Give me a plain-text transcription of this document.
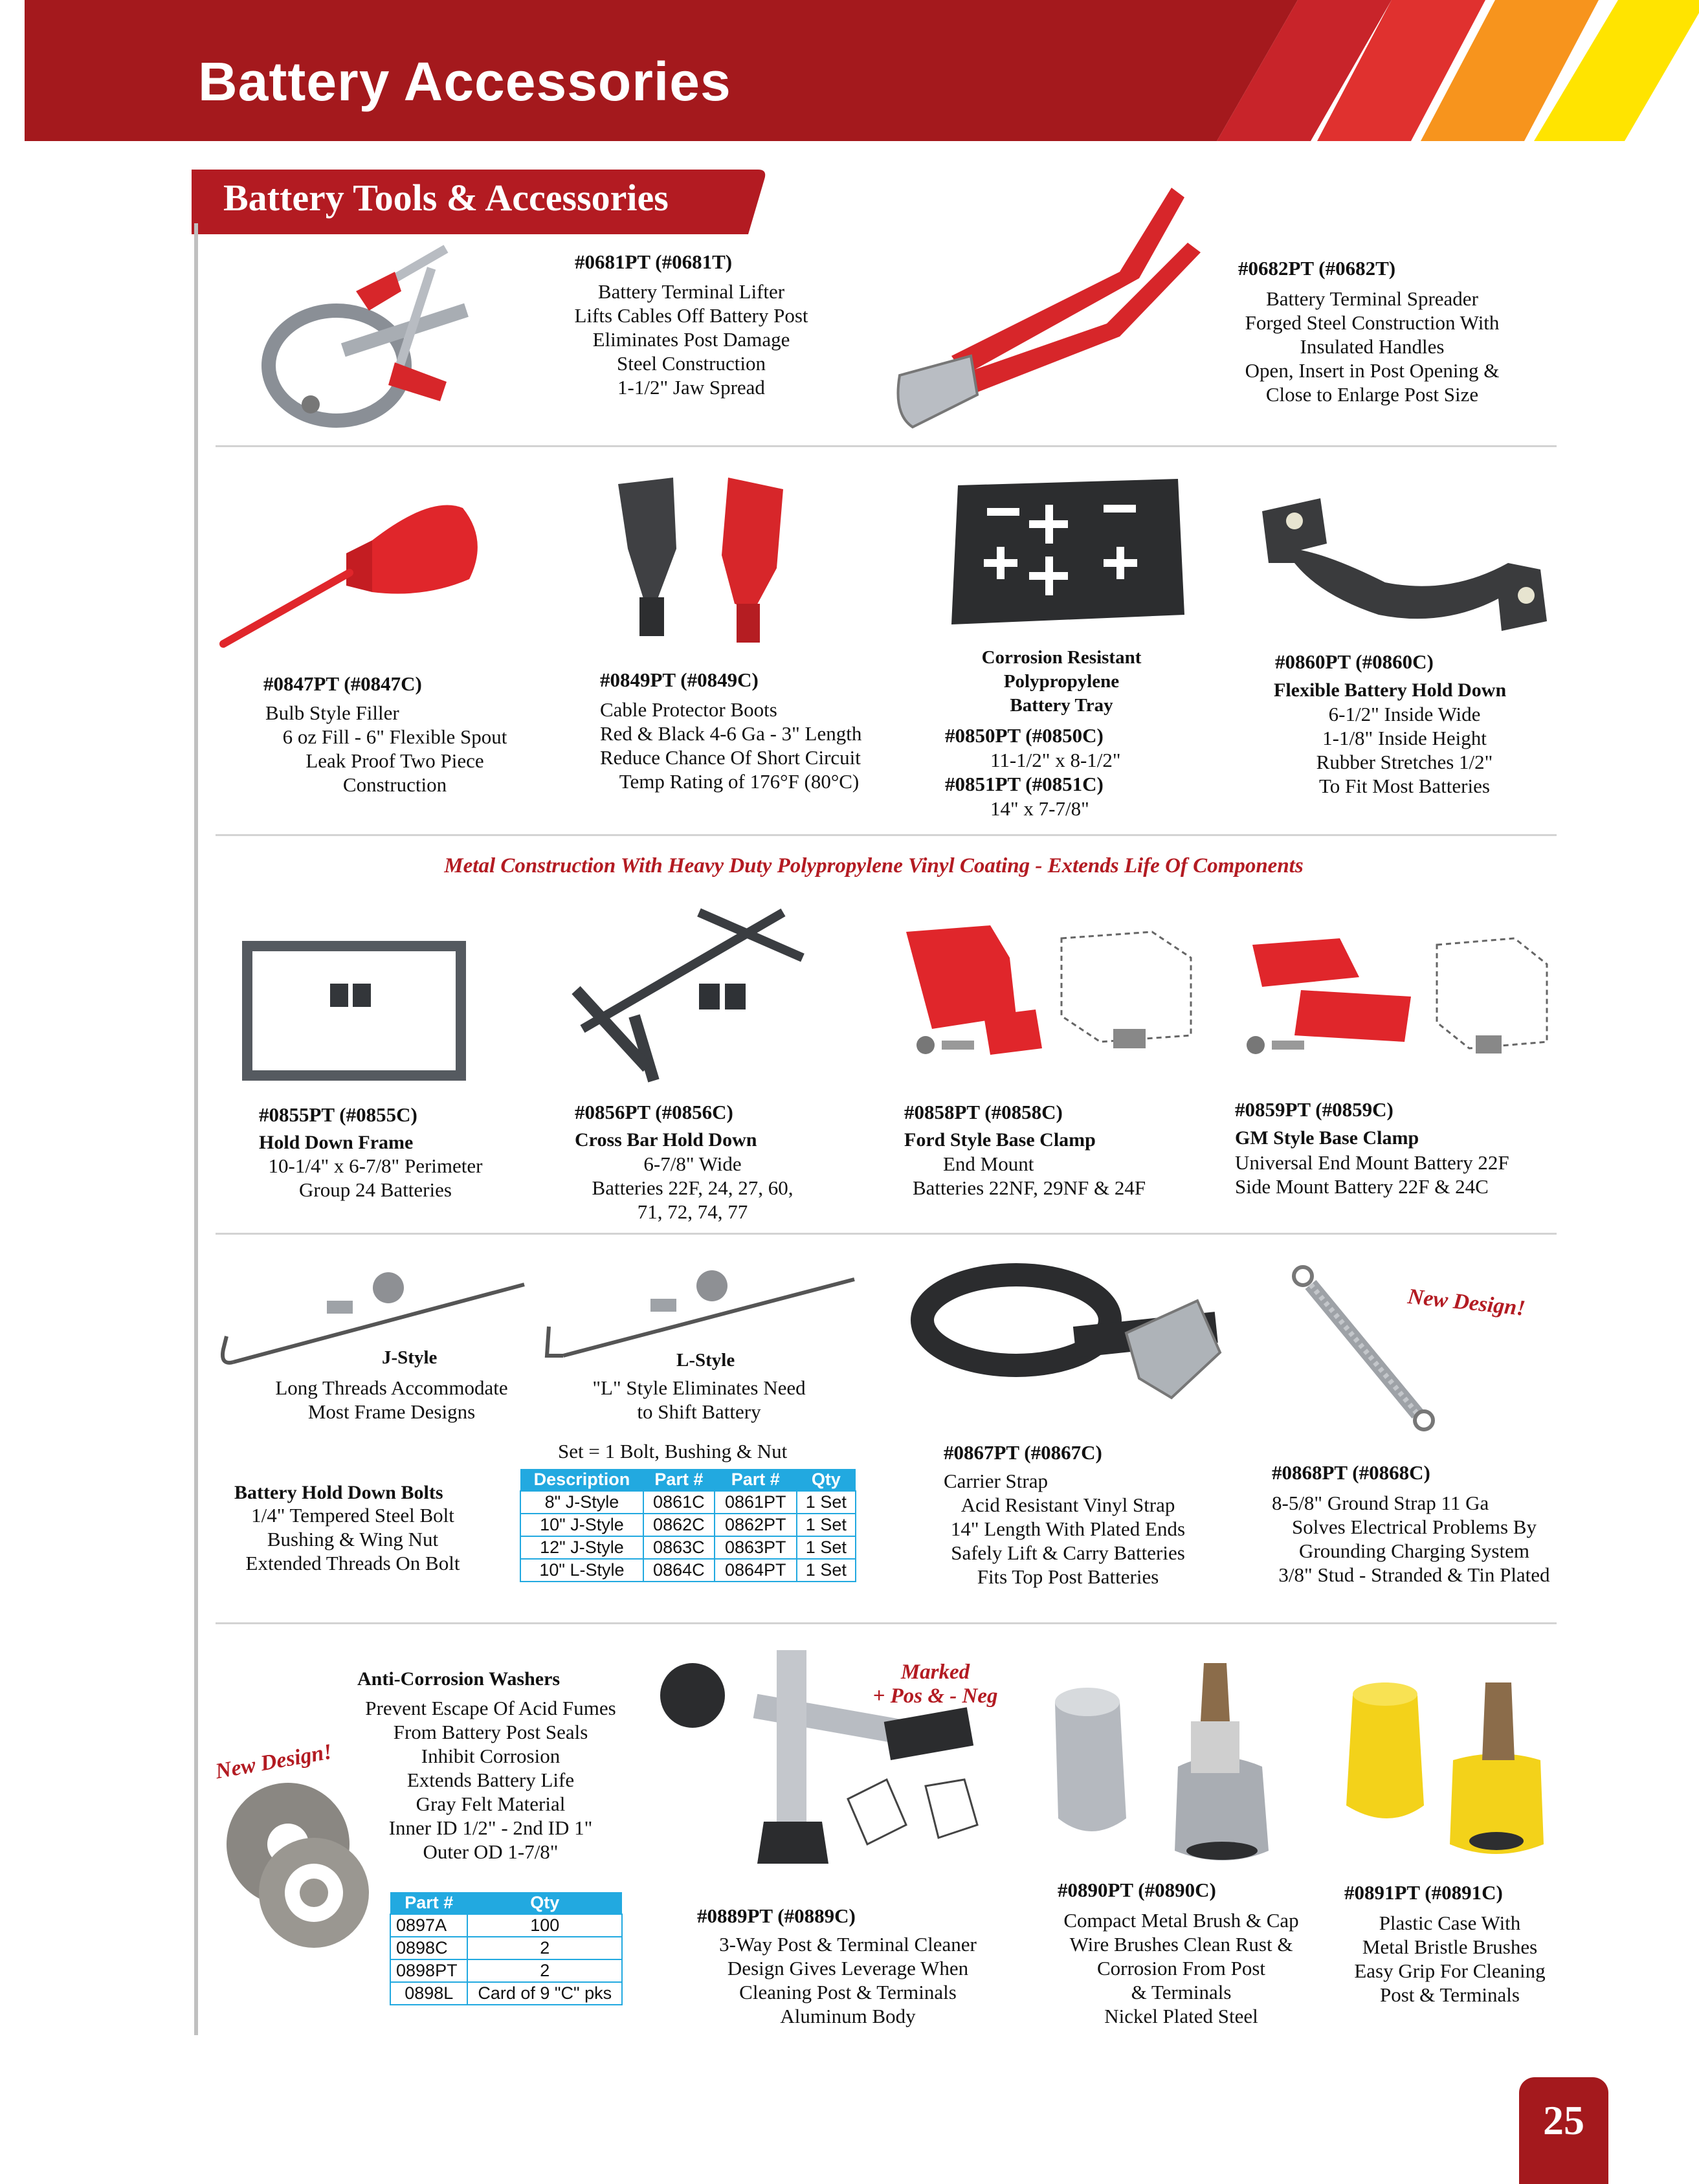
Battery Accessories
Battery Tools & Accessories
#0681PT (#0681T)
Battery Terminal Lifter
Lifts Cables Off Battery Post
Eliminates Post Damage
Steel Construction
1-1/2" Jaw Spread
#0682PT (#0682T)
Battery Terminal Spreader
Forged Steel Construction With
Insulated Handles
Open, Insert in Post Opening &
Close to Enlarge Post Size
#0847PT (#0847C)
Bulb Style Filler
6 oz Fill - 6" Flexible Spout
Leak Proof Two Piece
Construction
#0849PT (#0849C)
Cable Protector Boots
Red & Black 4-6 Ga - 3" Length
Reduce Chance Of Short Circuit
Temp Rating of 176°F (80°C)
Corrosion Resistant
Polypropylene
Battery Tray
#0850PT (#0850C)
11-1/2" x 8-1/2"
#0851PT (#0851C)
14" x 7-7/8"
#0860PT (#0860C)
Flexible Battery Hold Down
6-1/2" Inside Wide
1-1/8" Inside Height
Rubber Stretches 1/2"
To Fit Most Batteries
Metal Construction With Heavy Duty Polypropylene Vinyl Coating - Extends Life Of Components
#0855PT (#0855C)
Hold Down Frame
10-1/4" x 6-7/8" Perimeter
Group 24 Batteries
#0856PT (#0856C)
Cross Bar Hold Down
6-7/8" Wide
Batteries 22F, 24, 27, 60,
71, 72, 74, 77
#0858PT (#0858C)
Ford Style Base Clamp
End Mount
Batteries 22NF, 29NF & 24F
#0859PT (#0859C)
GM Style Base Clamp
Universal End Mount Battery 22F
Side Mount Battery 22F & 24C
J-Style
Long Threads Accommodate
Most Frame Designs
L-Style
"L" Style Eliminates Need
to Shift Battery
Battery Hold Down Bolts
1/4" Tempered Steel Bolt
Bushing & Wing Nut
Extended Threads On Bolt
Set = 1 Bolt, Bushing & Nut
Description	Part #	Part #	Qty
8" J-Style	0861C	0861PT	1 Set
10" J-Style	0862C	0862PT	1 Set
12" J-Style	0863C	0863PT	1 Set
10" L-Style	0864C	0864PT	1 Set
#0867PT (#0867C)
Carrier Strap
Acid Resistant Vinyl Strap
14" Length With Plated Ends
Safely Lift & Carry Batteries
Fits Top Post Batteries
New Design!
#0868PT (#0868C)
8-5/8" Ground Strap 11 Ga
Solves Electrical Problems By
Grounding Charging System
3/8" Stud - Stranded & Tin Plated
New Design!
Anti-Corrosion Washers
Prevent Escape Of Acid Fumes
From Battery Post Seals
Inhibit Corrosion
Extends Battery Life
Gray Felt Material
Inner ID 1/2" - 2nd ID 1"
Outer OD 1-7/8"
Part #	Qty
0897A	100
0898C	2
0898PT	2
0898L	Card of 9 "C" pks
Marked
+ Pos & - Neg
#0889PT (#0889C)
3-Way Post & Terminal Cleaner
Design Gives Leverage When
Cleaning Post & Terminals
Aluminum Body
#0890PT (#0890C)
Compact Metal Brush & Cap
Wire Brushes Clean Rust &
Corrosion From Post
& Terminals
Nickel Plated Steel
#0891PT (#0891C)
Plastic Case With
Metal Bristle Brushes
Easy Grip For Cleaning
Post & Terminals
25
